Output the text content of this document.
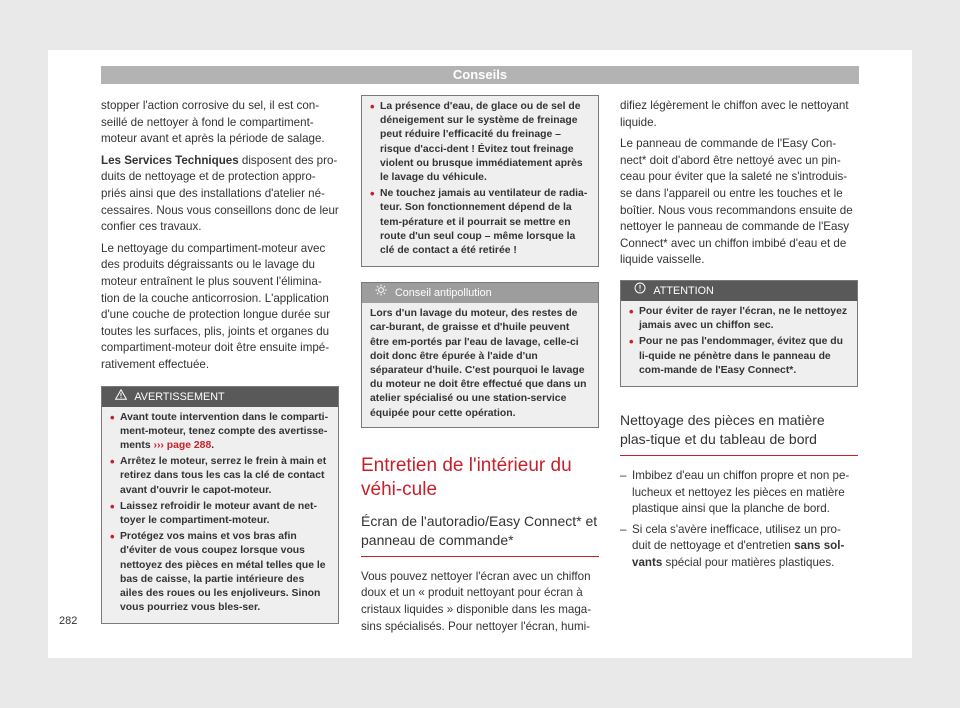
Conseils

stopper l'action corrosive du sel, il est con-seillé de nettoyer à fond le compartiment-moteur avant et après la période de salage.

Les Services Techniques disposent des pro-duits de nettoyage et de protection appro-priés ainsi que des installations d'atelier né-cessaires. Nous vous conseillons donc de leur confier ces travaux.

Le nettoyage du compartiment-moteur avec des produits dégraissants ou le lavage du moteur entraînent le plus souvent l'élimina-tion de la couche anticorrosion. L'application d'une couche de protection longue durée sur toutes les surfaces, plis, joints et organes du compartiment-moteur doit être ensuite impé-rativement effectuée.

AVERTISSEMENT
• Avant toute intervention dans le comparti-ment-moteur, tenez compte des avertisse-ments ››› page 288.
• Arrêtez le moteur, serrez le frein à main et retirez dans tous les cas la clé de contact avant d'ouvrir le capot-moteur.
• Laissez refroidir le moteur avant de net-toyer le compartiment-moteur.
• Protégez vos mains et vos bras afin d'éviter de vous coupez lorsque vous nettoyez des pièces en métal telles que le bas de caisse, la partie intérieure des ailes des roues ou les enjoliveurs. Sinon vous pourriez vous bles-ser.
• La présence d'eau, de glace ou de sel de déneigement sur le système de freinage peut réduire l'efficacité du freinage – risque d'acci-dent ! Évitez tout freinage violent ou brusque immédiatement après le lavage du véhicule.
• Ne touchez jamais au ventilateur de radia-teur. Son fonctionnement dépend de la tem-pérature et il pourrait se mettre en route d'un seul coup – même lorsque la clé de contact a été retirée !
Conseil antipollution
Lors d'un lavage du moteur, des restes de car-burant, de graisse et d'huile peuvent être em-portés par l'eau de lavage, celle-ci doit donc être épurée à l'aide d'un séparateur d'huile. C'est pourquoi le lavage du moteur ne doit être effectué que dans un atelier spécialisé ou une station-service équipée pour cette opération.
Entretien de l'intérieur du véhi-cule
Écran de l'autoradio/Easy Connect* et panneau de commande*

Vous pouvez nettoyer l'écran avec un chiffon doux et un « produit nettoyant pour écran à cristaux liquides » disponible dans les maga-sins spécialisés. Pour nettoyer l'écran, humi-

difiez légèrement le chiffon avec le nettoyant liquide.

Le panneau de commande de l'Easy Con-nect* doit d'abord être nettoyé avec un pin-ceau pour éviter que la saleté ne s'introduis-se dans l'appareil ou entre les touches et le boîtier. Nous vous recommandons ensuite de nettoyer le panneau de commande de l'Easy Connect* avec un chiffon imbibé d'eau et de liquide vaisselle.

ATTENTION
• Pour éviter de rayer l'écran, ne le nettoyez jamais avec un chiffon sec.
• Pour ne pas l'endommager, évitez que du li-quide ne pénètre dans le panneau de com-mande de l'Easy Connect*.
Nettoyage des pièces en matière plas-tique et du tableau de bord
– Imbibez d'eau un chiffon propre et non pe-lucheux et nettoyez les pièces en matière plastique ainsi que la planche de bord.
– Si cela s'avère inefficace, utilisez un pro-duit de nettoyage et d'entretien sans sol-vants spécial pour matières plastiques.
282
